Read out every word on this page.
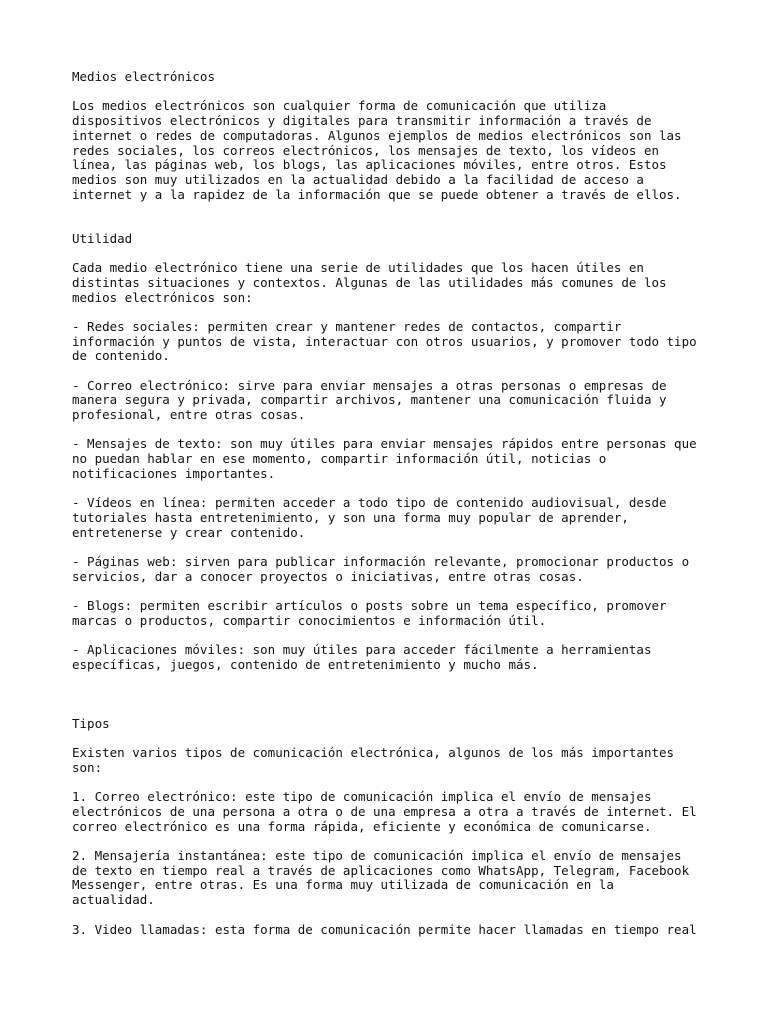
Medios electrónicos

Los medios electrónicos son cualquier forma de comunicación que utiliza
dispositivos electrónicos y digitales para transmitir información a través de
internet o redes de computadoras. Algunos ejemplos de medios electrónicos son las
redes sociales, los correos electrónicos, los mensajes de texto, los vídeos en
línea, las páginas web, los blogs, las aplicaciones móviles, entre otros. Estos
medios son muy utilizados en la actualidad debido a la facilidad de acceso a
internet y a la rapidez de la información que se puede obtener a través de ellos.

Utilidad

Cada medio electrónico tiene una serie de utilidades que los hacen útiles en
distintas situaciones y contextos. Algunas de las utilidades más comunes de los
medios electrónicos son:

- Redes sociales: permiten crear y mantener redes de contactos, compartir
información y puntos de vista, interactuar con otros usuarios, y promover todo tipo
de contenido.

- Correo electrónico: sirve para enviar mensajes a otras personas o empresas de
manera segura y privada, compartir archivos, mantener una comunicación fluida y
profesional, entre otras cosas.

- Mensajes de texto: son muy útiles para enviar mensajes rápidos entre personas que
no puedan hablar en ese momento, compartir información útil, noticias o
notificaciones importantes.

- Vídeos en línea: permiten acceder a todo tipo de contenido audiovisual, desde
tutoriales hasta entretenimiento, y son una forma muy popular de aprender,
entretenerse y crear contenido.

- Páginas web: sirven para publicar información relevante, promocionar productos o
servicios, dar a conocer proyectos o iniciativas, entre otras cosas.

- Blogs: permiten escribir artículos o posts sobre un tema específico, promover
marcas o productos, compartir conocimientos e información útil.

- Aplicaciones móviles: son muy útiles para acceder fácilmente a herramientas
específicas, juegos, contenido de entretenimiento y mucho más.

Tipos

Existen varios tipos de comunicación electrónica, algunos de los más importantes
son:

1. Correo electrónico: este tipo de comunicación implica el envío de mensajes
electrónicos de una persona a otra o de una empresa a otra a través de internet. El
correo electrónico es una forma rápida, eficiente y económica de comunicarse.

2. Mensajería instantánea: este tipo de comunicación implica el envío de mensajes
de texto en tiempo real a través de aplicaciones como WhatsApp, Telegram, Facebook
Messenger, entre otras. Es una forma muy utilizada de comunicación en la
actualidad.

3. Video llamadas: esta forma de comunicación permite hacer llamadas en tiempo real
